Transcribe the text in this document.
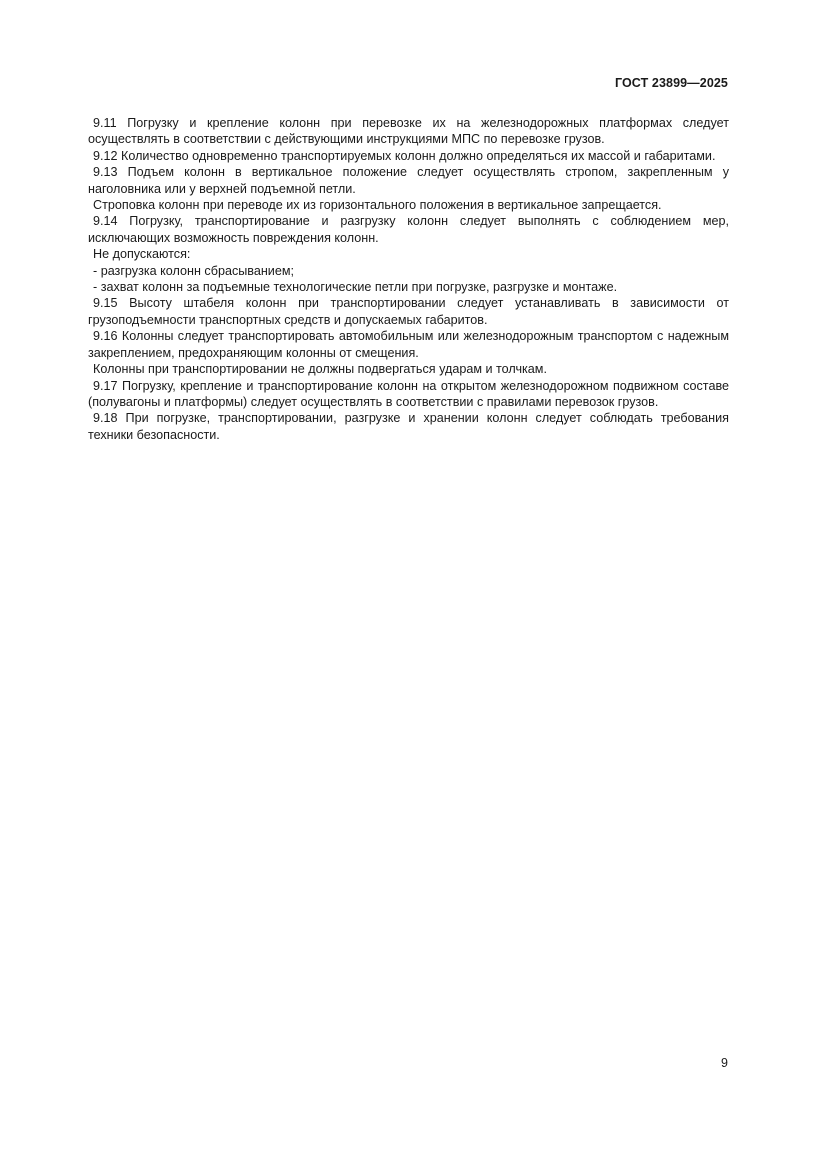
ГОСТ 23899—2025

9.11 Погрузку и крепление колонн при перевозке их на железнодорожных платформах следует осуществлять в соответствии с действующими инструкциями МПС по перевозке грузов.

9.12 Количество одновременно транспортируемых колонн должно определяться их массой и габаритами.

9.13 Подъем колонн в вертикальное положение следует осуществлять стропом, закрепленным у наголовника или у верхней подъемной петли.

Строповка колонн при переводе их из горизонтального положения в вертикальное запрещается.

9.14 Погрузку, транспортирование и разгрузку колонн следует выполнять с соблюдением мер, исключающих возможность повреждения колонн.

Не допускаются:

- разгрузка колонн сбрасыванием;

- захват колонн за подъемные технологические петли при погрузке, разгрузке и монтаже.

9.15 Высоту штабеля колонн при транспортировании следует устанавливать в зависимости от грузоподъемности транспортных средств и допускаемых габаритов.

9.16 Колонны следует транспортировать автомобильным или железнодорожным транспортом с надежным закреплением, предохраняющим колонны от смещения.

Колонны при транспортировании не должны подвергаться ударам и толчкам.

9.17 Погрузку, крепление и транспортирование колонн на открытом железнодорожном подвижном составе (полувагоны и платформы) следует осуществлять в соответствии с правилами перевозок грузов.

9.18 При погрузке, транспортировании, разгрузке и хранении колонн следует соблюдать требования техники безопасности.

9
